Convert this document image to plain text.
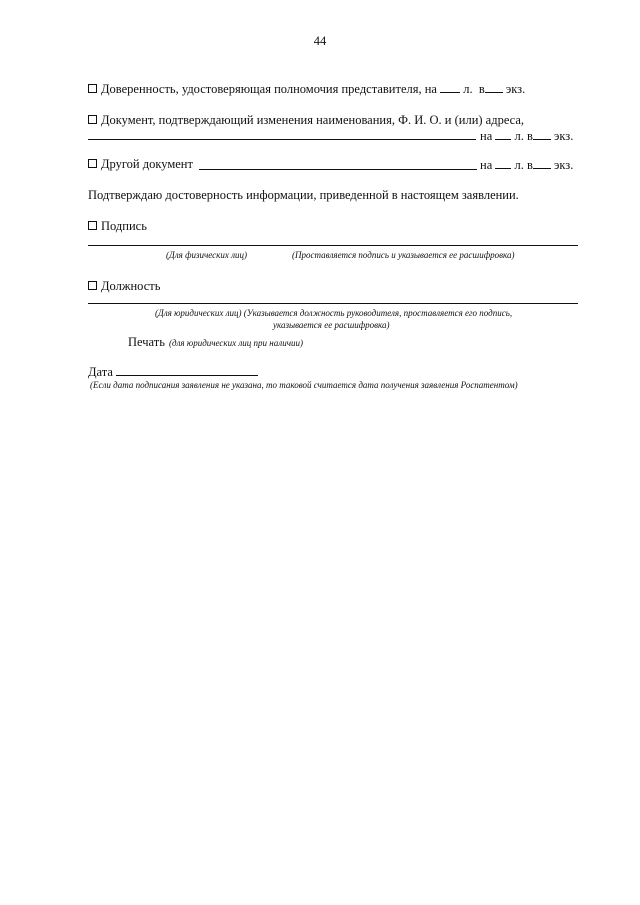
44
Доверенность, удостоверяющая полномочия представителя, на л. в экз.
Документ, подтверждающий изменения наименования, Ф. И. О. и (или) адреса,
на л. в экз.
Другой документ	на л. в экз.
Подтверждаю достоверность информации, приведенной в настоящем заявлении.
Подпись
(Для физических лиц)	(Проставляется подпись и указывается ее расшифровка)
Должность
(Для юридических лиц) (Указывается должность руководителя, проставляется его подпись,
указывается ее расшифровка)
Печать (для юридических лиц при наличии)
Дата
(Если дата подписания заявления не указана, то таковой считается дата получения заявления Роспатентом)
